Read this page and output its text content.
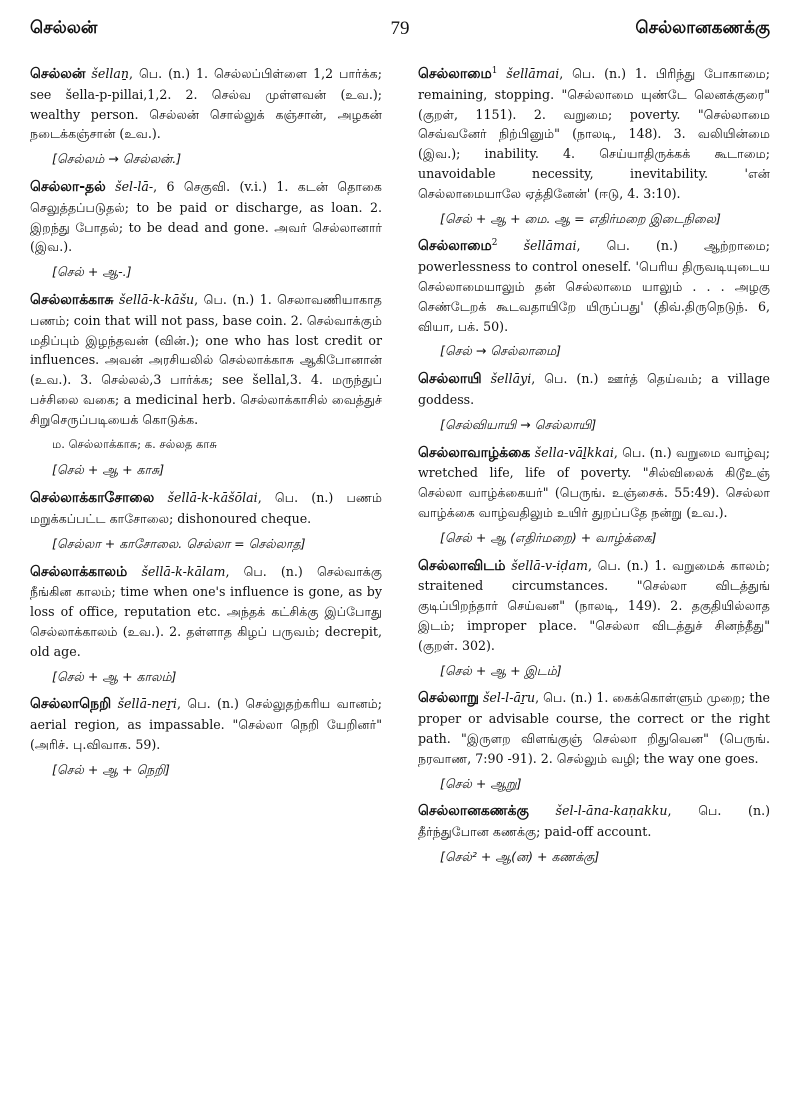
செல்லன்	79	செல்லானகணக்கு
செல்லன் šellaṉ, பெ. (n.) 1. செல்லப்பிள்ளை 1,2 பார்க்க; see šella-p-pillai,1,2. 2. செல்வ முள்ளவன் (உவ.); wealthy person. செல்லன் சொல்லுக் கஞ்சான், அழகன் நடைக்கஞ்சான் (உவ.).
[செல்லம் → செல்லன்.]
செல்லா-தல் šel-lā-, 6 செகுவி. (v.i.) 1. கடன் தொகை செலுத்தப்படுதல்; to be paid or discharge, as loan. 2. இறந்து போதல்; to be dead and gone. அவர் செல்லானார் (இவ.).
[செல் + ஆ-.]
செல்லாக்காசு šellā-k-kāšu, பெ. (n.) 1. செலாவணியாகாத பணம்; coin that will not pass, base coin. 2. செல்வாக்கும் மதிப்பும் இழந்தவன் (வின்.); one who has lost credit or influences. அவன் அரசியலில் செல்லாக்காசு ஆகிபோனான் (உவ.). 3. செல்லல்,3 பார்க்க; see šellal,3. 4. மருந்துப் பச்சிலை வகை; a medicinal herb. செல்லாக்காசில் வைத்துச் சிறுசெருப்படியைக் கொடுக்க.
ம. செல்லாக்காசு; க. சல்லத காசு
[செல் + ஆ + காசு]
செல்லாக்காசோலை šellā-k-kāšōlai, பெ. (n.) பணம் மறுக்கப்பட்ட காசோலை; dishonoured cheque.
[செல்லா + காசோலை. செல்லா = செல்லாத]
செல்லாக்காலம் šellā-k-kālam, பெ. (n.) செல்வாக்கு நீங்கின காலம்; time when one's influence is gone, as by loss of office, reputation etc. அந்தக் கட்சிக்கு இப்போது செல்லாக்காலம் (உவ.). 2. தள்ளாத கிழப் பருவம்; decrepit, old age.
[செல் + ஆ + காலம்]
செல்லாநெறி šellā-neṟi, பெ. (n.) செல்லுதற்கரிய வானம்; aerial region, as impassable. "செல்லா நெறி யேறினர்" (அரிச். பு.விவாக. 59).
[செல் + ஆ + நெறி]
செல்லாமை$^1$ šellāmai, பெ. (n.) 1. பிரிந்து போகாமை; remaining, stopping. "செல்லாமை யுண்டே லெனக்குரை" (குறள், 1151). 2. வறுமை; poverty. "செல்லாமை செவ்வனேர் நிற்பினும்" (நாலடி, 148). 3. வலியின்மை (இவ.); inability. 4. செய்யாதிருக்கக் கூடாமை; unavoidable necessity, inevitability. 'என் செல்லாமையாலே ஏத்தினேன்' (ஈடு, 4. 3:10).
[செல் + ஆ + மை. ஆ = எதிர்மறை இடைநிலை]
செல்லாமை$^2$ šellāmai, பெ. (n.) ஆற்றாமை; powerlessness to control oneself. 'பெரிய திருவடியுடைய செல்லாமையாலும் தன் செல்லாமை யாலும் . . . அழகு செண்டேறக் கூடவதாயிறே யிருப்பது' (திவ்.திருநெடுந். 6, வியா, பக். 50).
[செல் → செல்லாமை]
செல்லாயி šellāyi, பெ. (n.) ஊர்த் தெய்வம்; a village goddess.
[செல்வியாயி → செல்லாயி]
செல்லாவாழ்க்கை šella-vāḻkkai, பெ. (n.) வறுமை வாழ்வு; wretched life, life of poverty. "சில்விலைக் கிடூஉஞ் செல்லா வாழ்க்கையர்" (பெருங். உஞ்சைக். 55:49). செல்லா வாழ்க்கை வாழ்வதிலும் உயிர் துறப்பதே நன்று (உவ.).
[செல் + ஆ (எதிர்மறை) + வாழ்க்கை]
செல்லாவிடம் šellā-v-iḍam, பெ. (n.) 1. வறுமைக் காலம்; straitened circumstances. "செல்லா விடத்துங் குடிப்பிறந்தார் செய்வன" (நாலடி, 149). 2. தகுதியில்லாத இடம்; improper place. "செல்லா விடத்துச் சினந்தீது" (குறள். 302).
[செல் + ஆ + இடம்]
செல்லாறு šel-l-āṟu, பெ. (n.) 1. கைக்கொள்ளும் முறை; the proper or advisable course, the correct or the right path. "இருளற விளங்குஞ் செல்லா றிதுவென" (பெருங். நரவாண, 7:90 -91). 2. செல்லும் வழி; the way one goes.
[செல் + ஆறு]
செல்லானகணக்கு šel-l-āna-kaṇakku, பெ. (n.) தீர்ந்துபோன கணக்கு; paid-off account.
[செல்² + ஆ(ன) + கணக்கு]
